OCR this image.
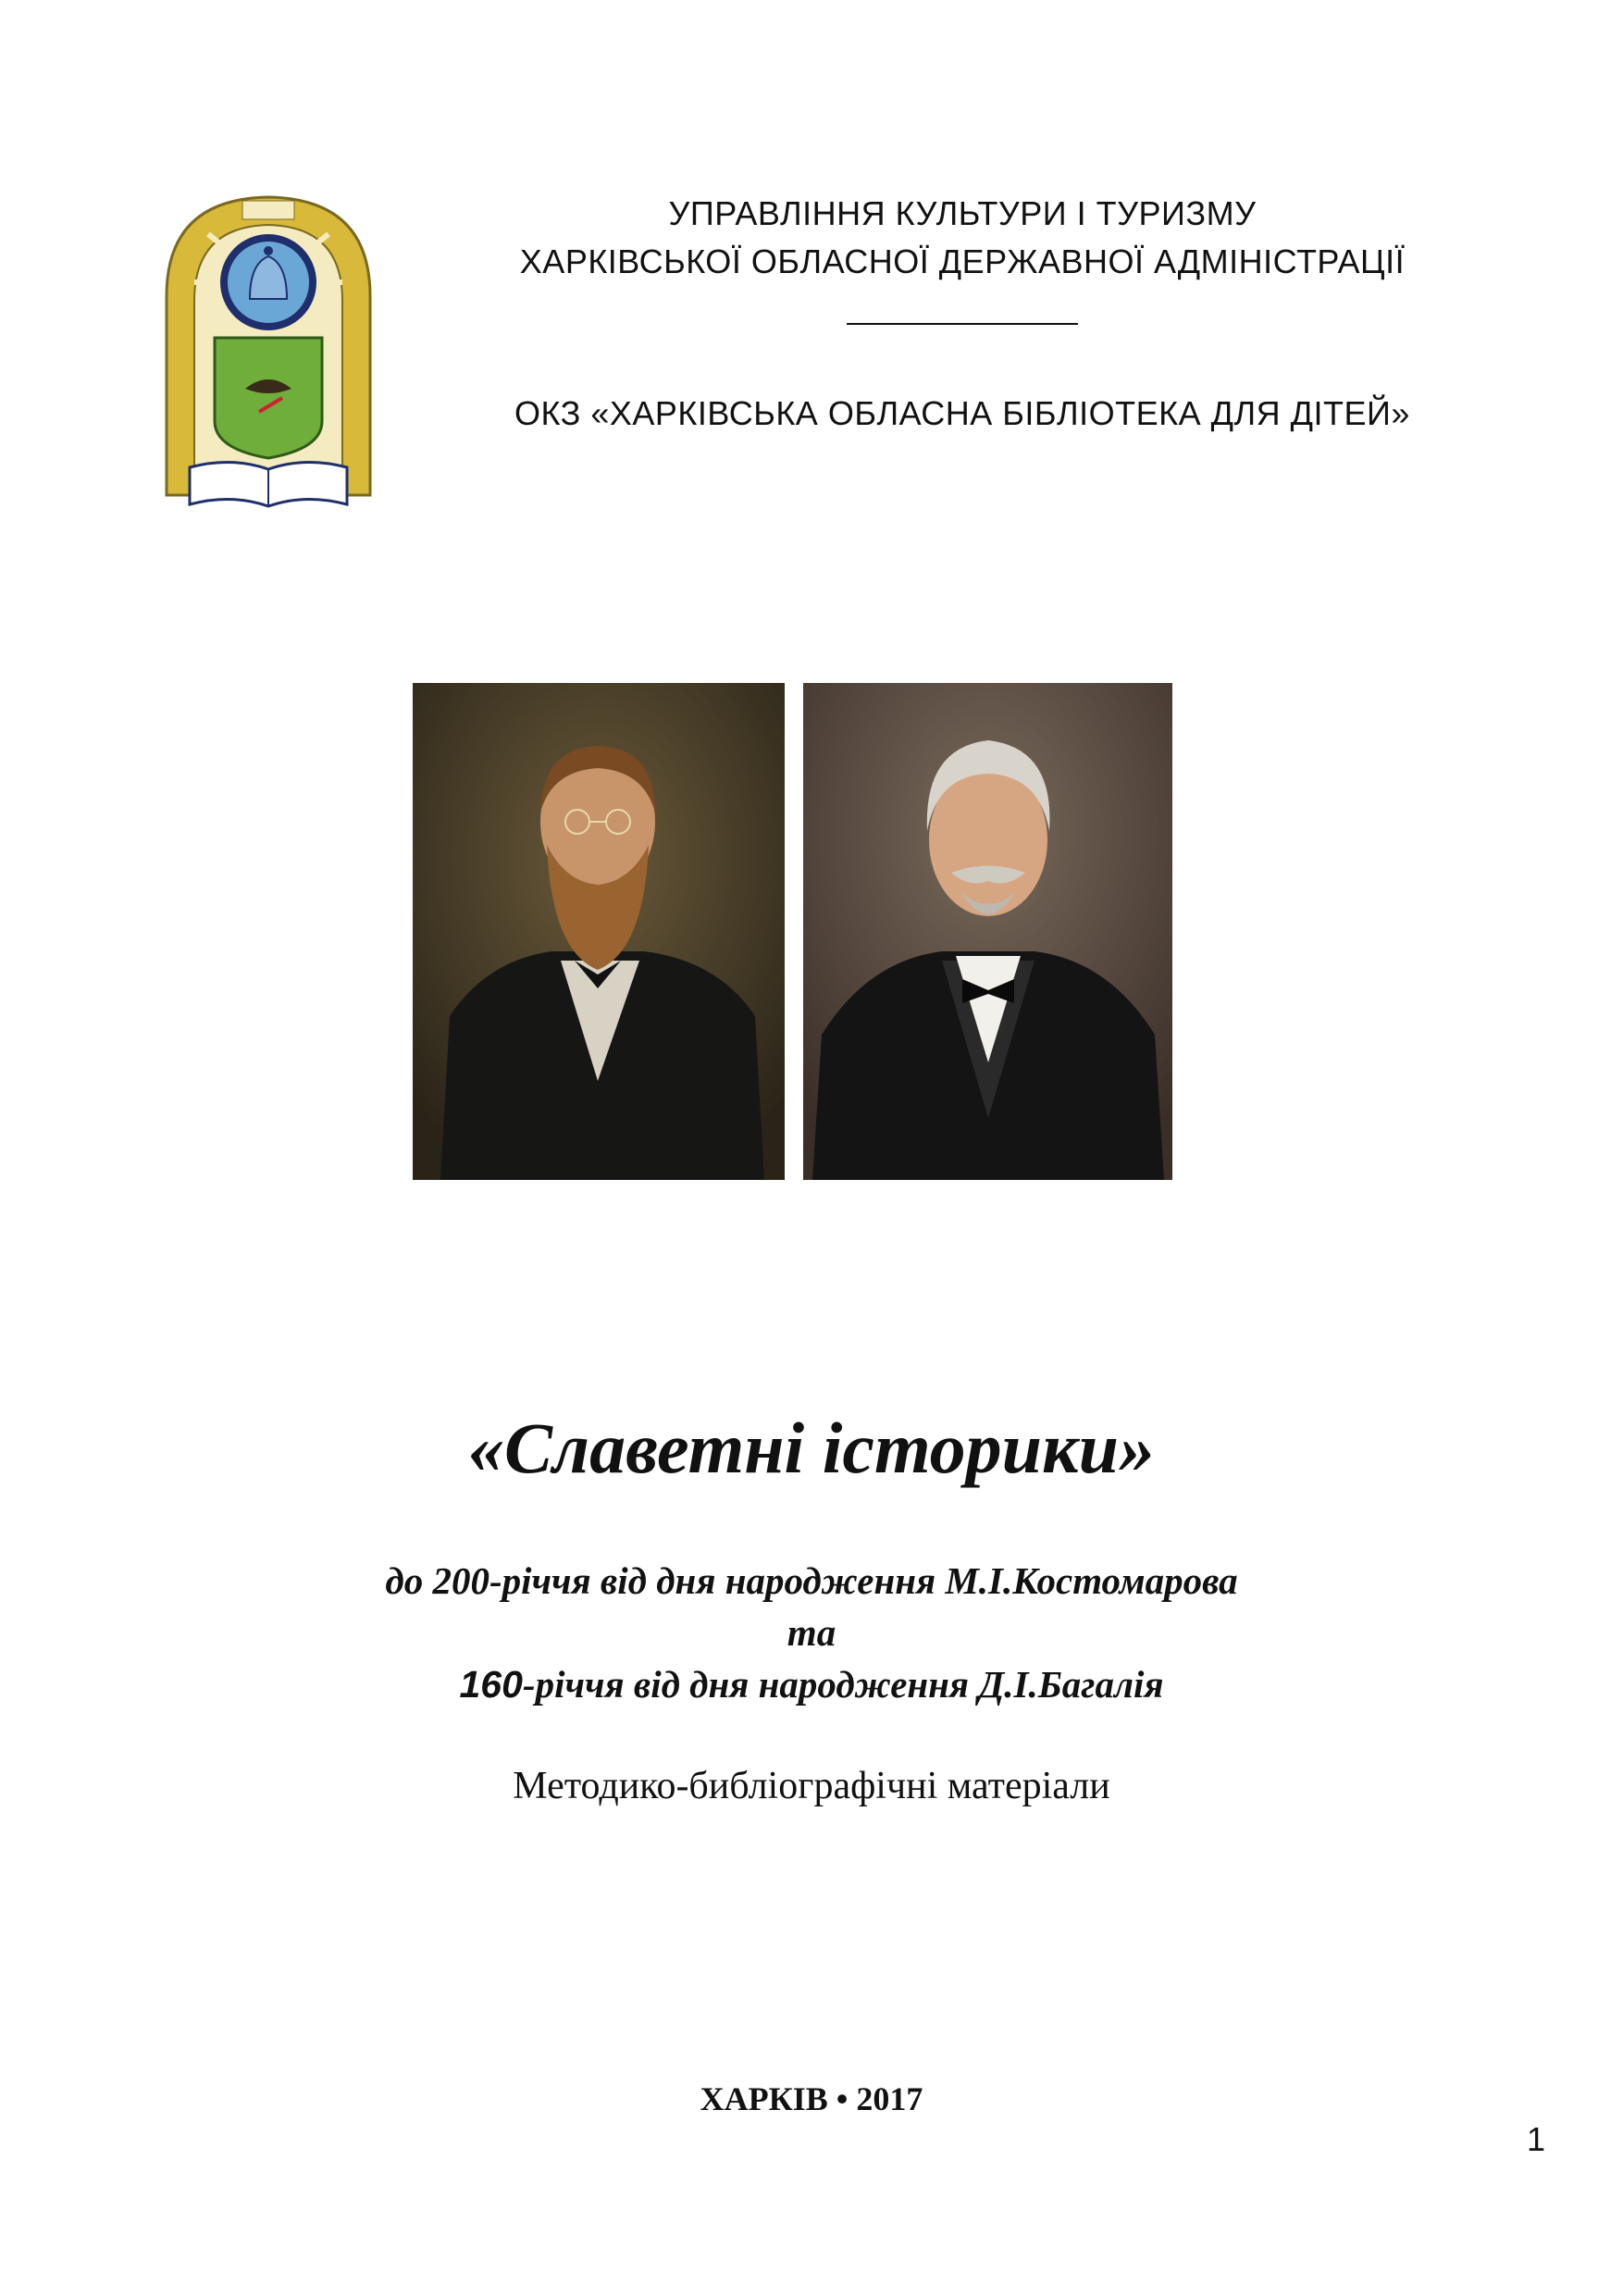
УПРАВЛІННЯ КУЛЬТУРИ І ТУРИЗМУ
ХАРКІВСЬКОЇ ОБЛАСНОЇ ДЕРЖАВНОЇ АДМІНІСТРАЦІЇ
ОКЗ «ХАРКІВСЬКА ОБЛАСНА БІБЛІОТЕКА ДЛЯ ДІТЕЙ»
«Славетні історики»
до 200-річчя від дня народження М.І.Костомарова
та
160-річчя від дня народження Д.І.Багалія
Методико-библіографічні матеріали
ХАРКІВ • 2017
1
